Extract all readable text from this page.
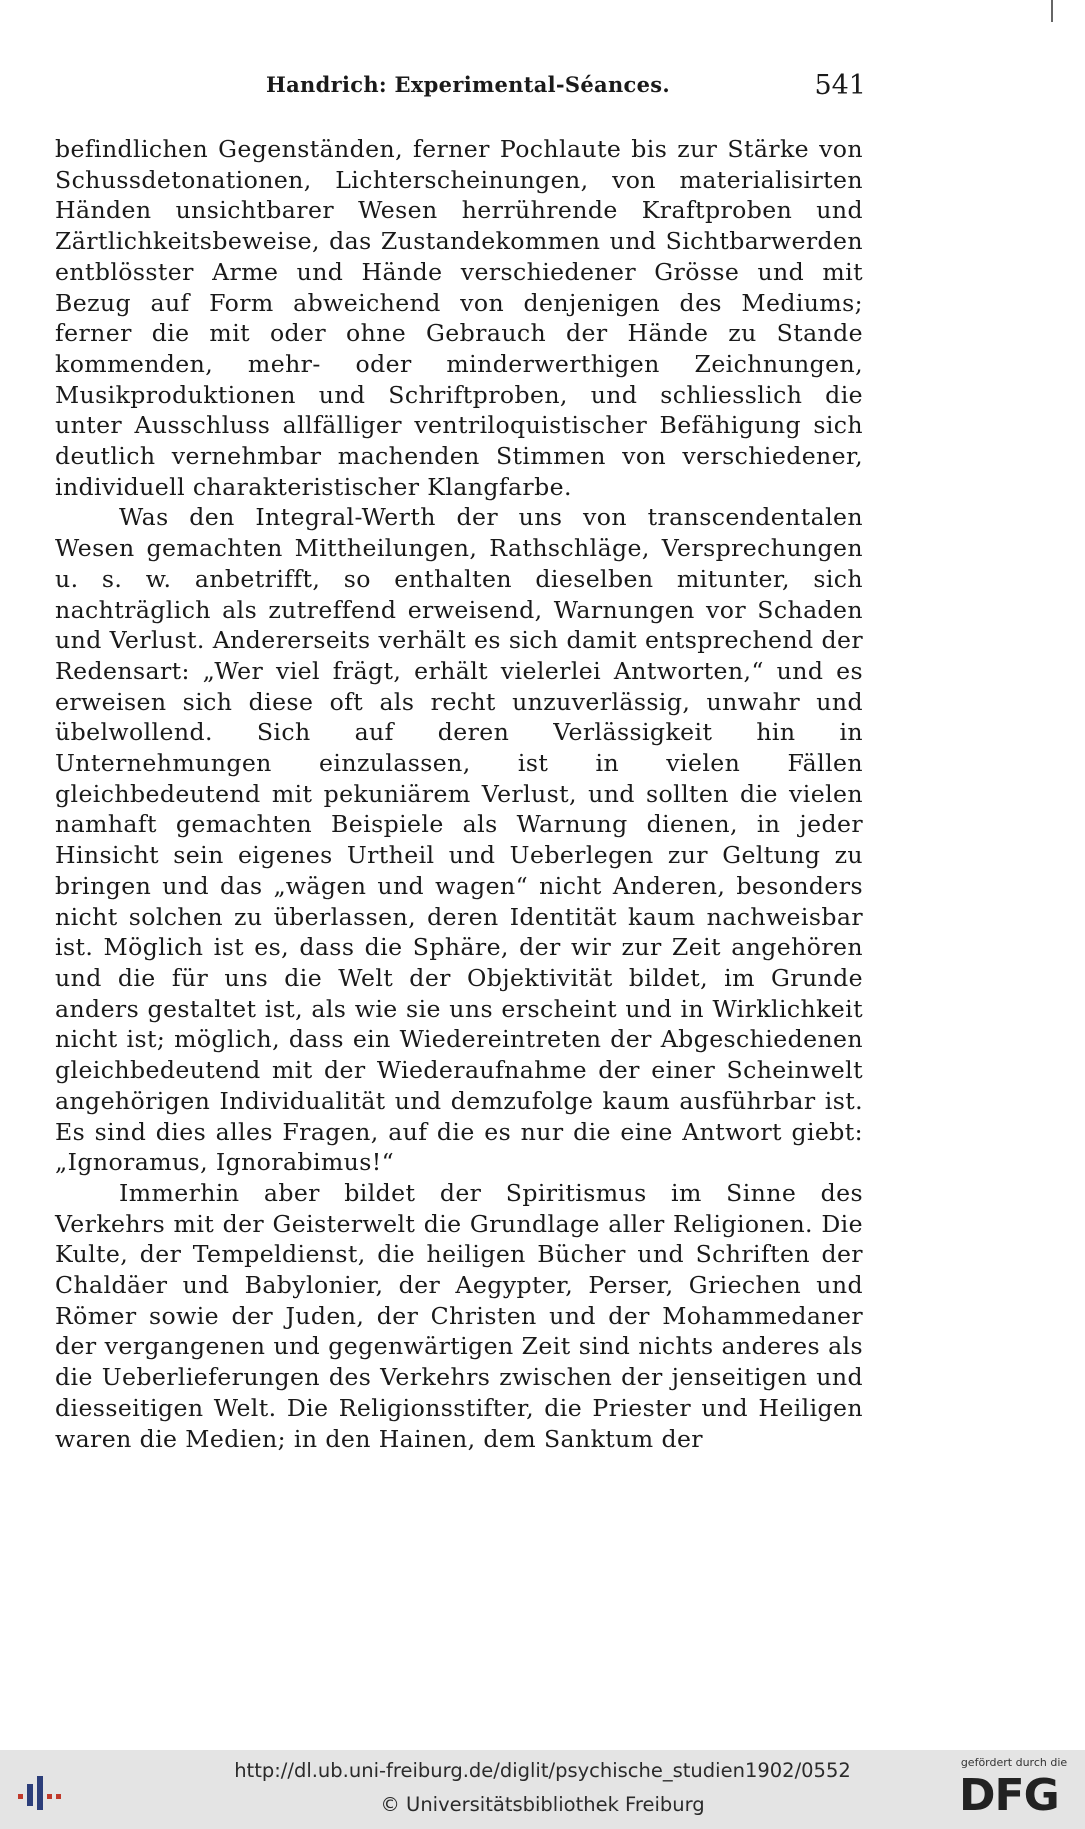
Handrich: Experimental-Séances.	541

befindlichen Gegenständen, ferner Pochlaute bis zur Stärke von Schussdetonationen, Lichterscheinungen, von materialisirten Händen unsichtbarer Wesen herrührende Kraftproben und Zärtlichkeitsbeweise, das Zustandekommen und Sichtbarwerden entblösster Arme und Hände verschiedener Grösse und mit Bezug auf Form abweichend von denjenigen des Mediums; ferner die mit oder ohne Gebrauch der Hände zu Stande kommenden, mehr- oder minderwerthigen Zeichnungen, Musikproduktionen und Schriftproben, und schliesslich die unter Ausschluss allfälliger ventriloquistischer Befähigung sich deutlich vernehmbar machenden Stimmen von verschiedener, individuell charakteristischer Klangfarbe.

Was den Integral-Werth der uns von transcendentalen Wesen gemachten Mittheilungen, Rathschläge, Versprechungen u. s. w. anbetrifft, so enthalten dieselben mitunter, sich nachträglich als zutreffend erweisend, Warnungen vor Schaden und Verlust. Andererseits verhält es sich damit entsprechend der Redensart: „Wer viel frägt, erhält vielerlei Antworten,“ und es erweisen sich diese oft als recht unzuverlässig, unwahr und übelwollend. Sich auf deren Verlässigkeit hin in Unternehmungen einzulassen, ist in vielen Fällen gleichbedeutend mit pekuniärem Verlust, und sollten die vielen namhaft gemachten Beispiele als Warnung dienen, in jeder Hinsicht sein eigenes Urtheil und Ueberlegen zur Geltung zu bringen und das „wägen und wagen“ nicht Anderen, besonders nicht solchen zu überlassen, deren Identität kaum nachweisbar ist. Möglich ist es, dass die Sphäre, der wir zur Zeit angehören und die für uns die Welt der Objektivität bildet, im Grunde anders gestaltet ist, als wie sie uns erscheint und in Wirklichkeit nicht ist; möglich, dass ein Wiedereintreten der Abgeschiedenen gleichbedeutend mit der Wiederaufnahme der einer Scheinwelt angehörigen Individualität und demzufolge kaum ausführbar ist. Es sind dies alles Fragen, auf die es nur die eine Antwort giebt: „Ignoramus, Ignorabimus!“

Immerhin aber bildet der Spiritismus im Sinne des Verkehrs mit der Geisterwelt die Grundlage aller Religionen. Die Kulte, der Tempeldienst, die heiligen Bücher und Schriften der Chaldäer und Babylonier, der Aegypter, Perser, Griechen und Römer sowie der Juden, der Christen und der Mohammedaner der vergangenen und gegenwärtigen Zeit sind nichts anderes als die Ueberlieferungen des Verkehrs zwischen der jenseitigen und diesseitigen Welt. Die Religionsstifter, die Priester und Heiligen waren die Medien; in den Hainen, dem Sanktum der

http://dl.ub.uni-freiburg.de/diglit/psychische_studien1902/0552
© Universitätsbibliothek Freiburg
gefördert durch die
DFG
